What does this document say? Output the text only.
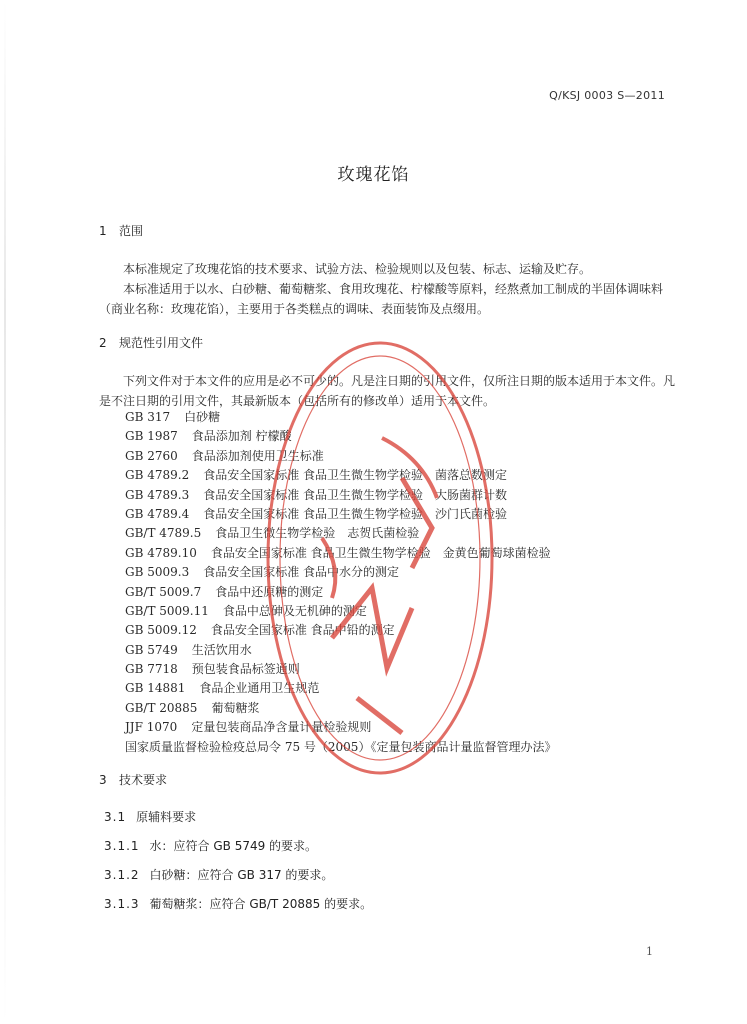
Q/KSJ 0003 S—2011
玫瑰花馅
1 范围

本标准规定了玫瑰花馅的技术要求、试验方法、检验规则以及包装、标志、运输及贮存。

本标准适用于以水、白砂糖、葡萄糖浆、食用玫瑰花、柠檬酸等原料，经熬煮加工制成的半固体调味料（商业名称：玫瑰花馅），主要用于各类糕点的调味、表面装饰及点缀用。

2 规范性引用文件

下列文件对于本文件的应用是必不可少的。凡是注日期的引用文件，仅所注日期的版本适用于本文件。凡是不注日期的引用文件，其最新版本（包括所有的修改单）适用于本文件。

GB 317 白砂糖
GB 1987 食品添加剂 柠檬酸
GB 2760 食品添加剂使用卫生标准
GB 4789.2 食品安全国家标准 食品卫生微生物学检验　菌落总数测定
GB 4789.3 食品安全国家标准 食品卫生微生物学检验　大肠菌群计数
GB 4789.4 食品安全国家标准 食品卫生微生物学检验　沙门氏菌检验
GB/T 4789.5 食品卫生微生物学检验　志贺氏菌检验
GB 4789.10 食品安全国家标准 食品卫生微生物学检验　金黄色葡萄球菌检验
GB 5009.3 食品安全国家标准 食品中水分的测定
GB/T 5009.7 食品中还原糖的测定
GB/T 5009.11 食品中总砷及无机砷的测定
GB 5009.12 食品安全国家标准 食品中铅的测定
GB 5749 生活饮用水
GB 7718 预包装食品标签通则
GB 14881 食品企业通用卫生规范
GB/T 20885 葡萄糖浆
JJF 1070 定量包装商品净含量计量检验规则
国家质量监督检验检疫总局令 75 号（2005）《定量包装商品计量监督管理办法》
3 技术要求
3.1 原辅料要求
3.1.1 水：应符合 GB 5749 的要求。
3.1.2 白砂糖：应符合 GB 317 的要求。
3.1.3 葡萄糖浆：应符合 GB/T 20885 的要求。
1
